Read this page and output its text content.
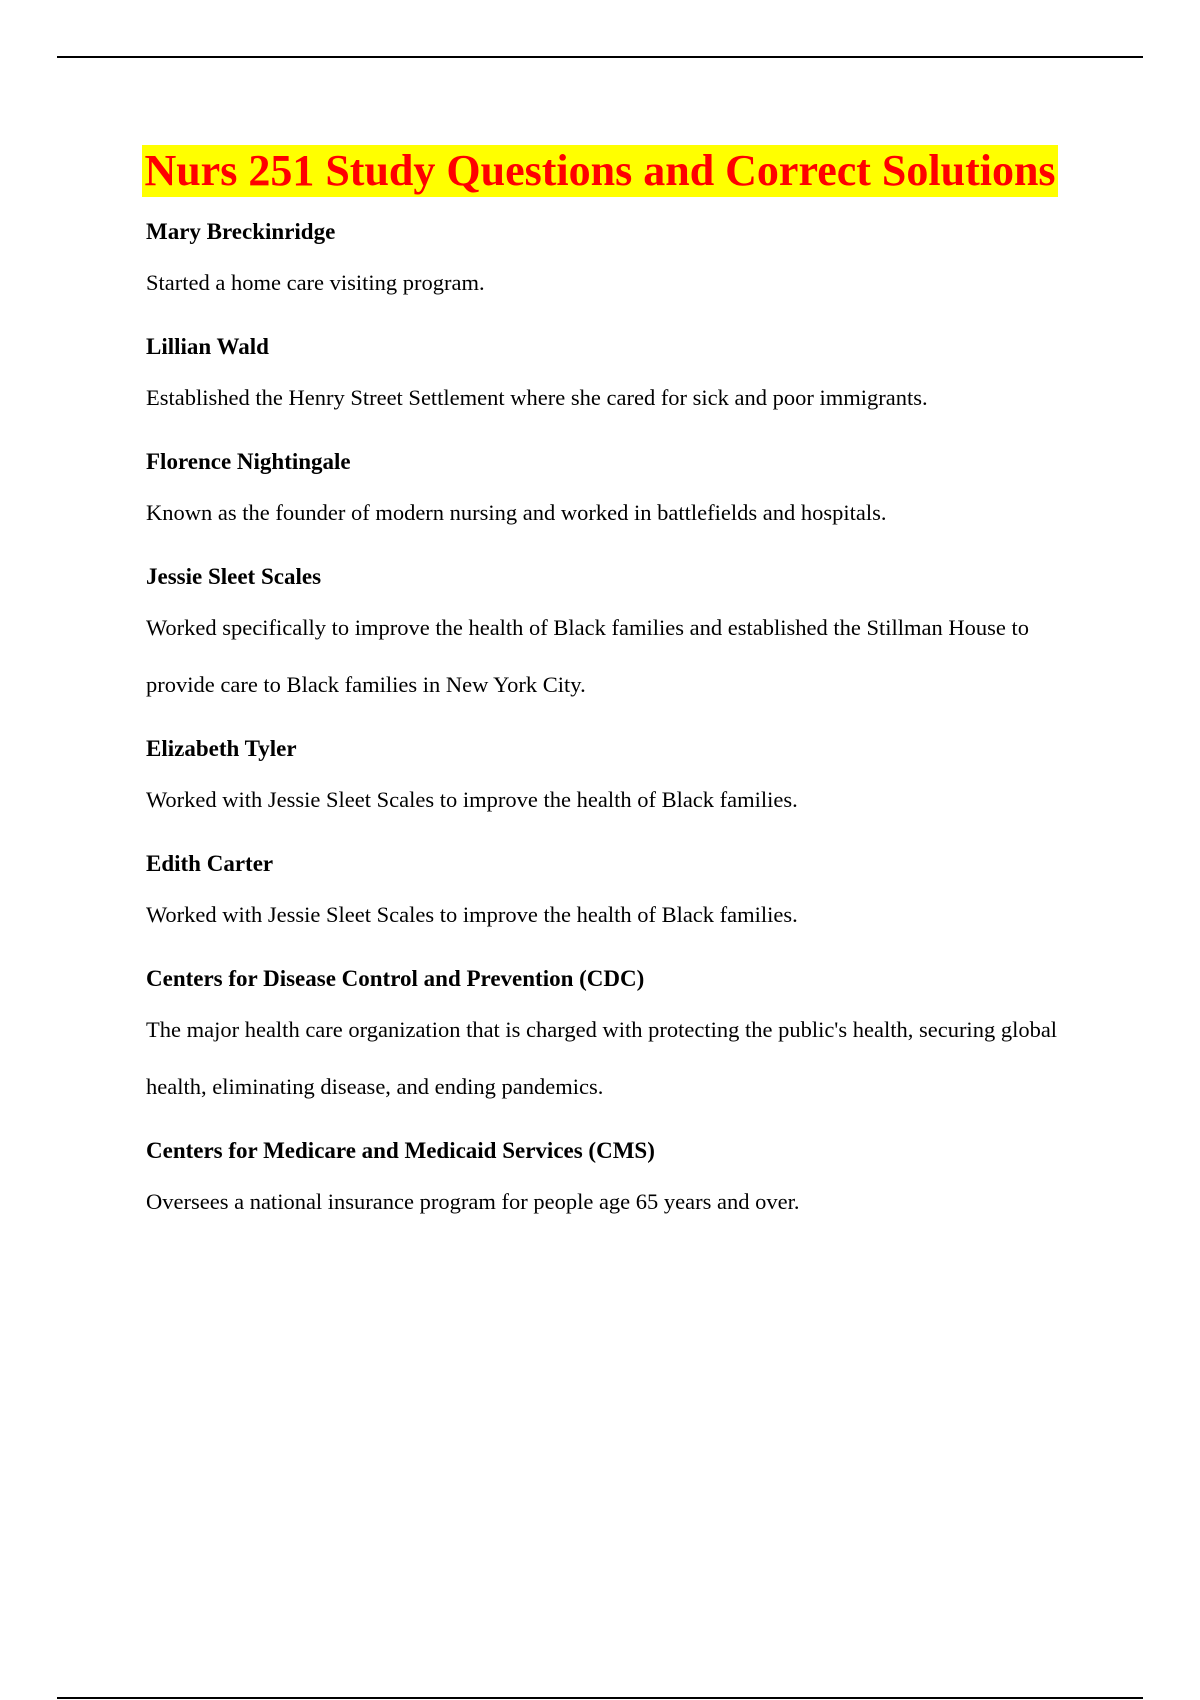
Nurs 251 Study Questions and Correct Solutions

Mary Breckinridge

Started a home care visiting program.

Lillian Wald

Established the Henry Street Settlement where she cared for sick and poor immigrants.

Florence Nightingale

Known as the founder of modern nursing and worked in battlefields and hospitals.

Jessie Sleet Scales

Worked specifically to improve the health of Black families and established the Stillman House to provide care to Black families in New York City.

Elizabeth Tyler

Worked with Jessie Sleet Scales to improve the health of Black families.

Edith Carter

Worked with Jessie Sleet Scales to improve the health of Black families.

Centers for Disease Control and Prevention (CDC)

The major health care organization that is charged with protecting the public's health, securing global health, eliminating disease, and ending pandemics.

Centers for Medicare and Medicaid Services (CMS)

Oversees a national insurance program for people age 65 years and over.
